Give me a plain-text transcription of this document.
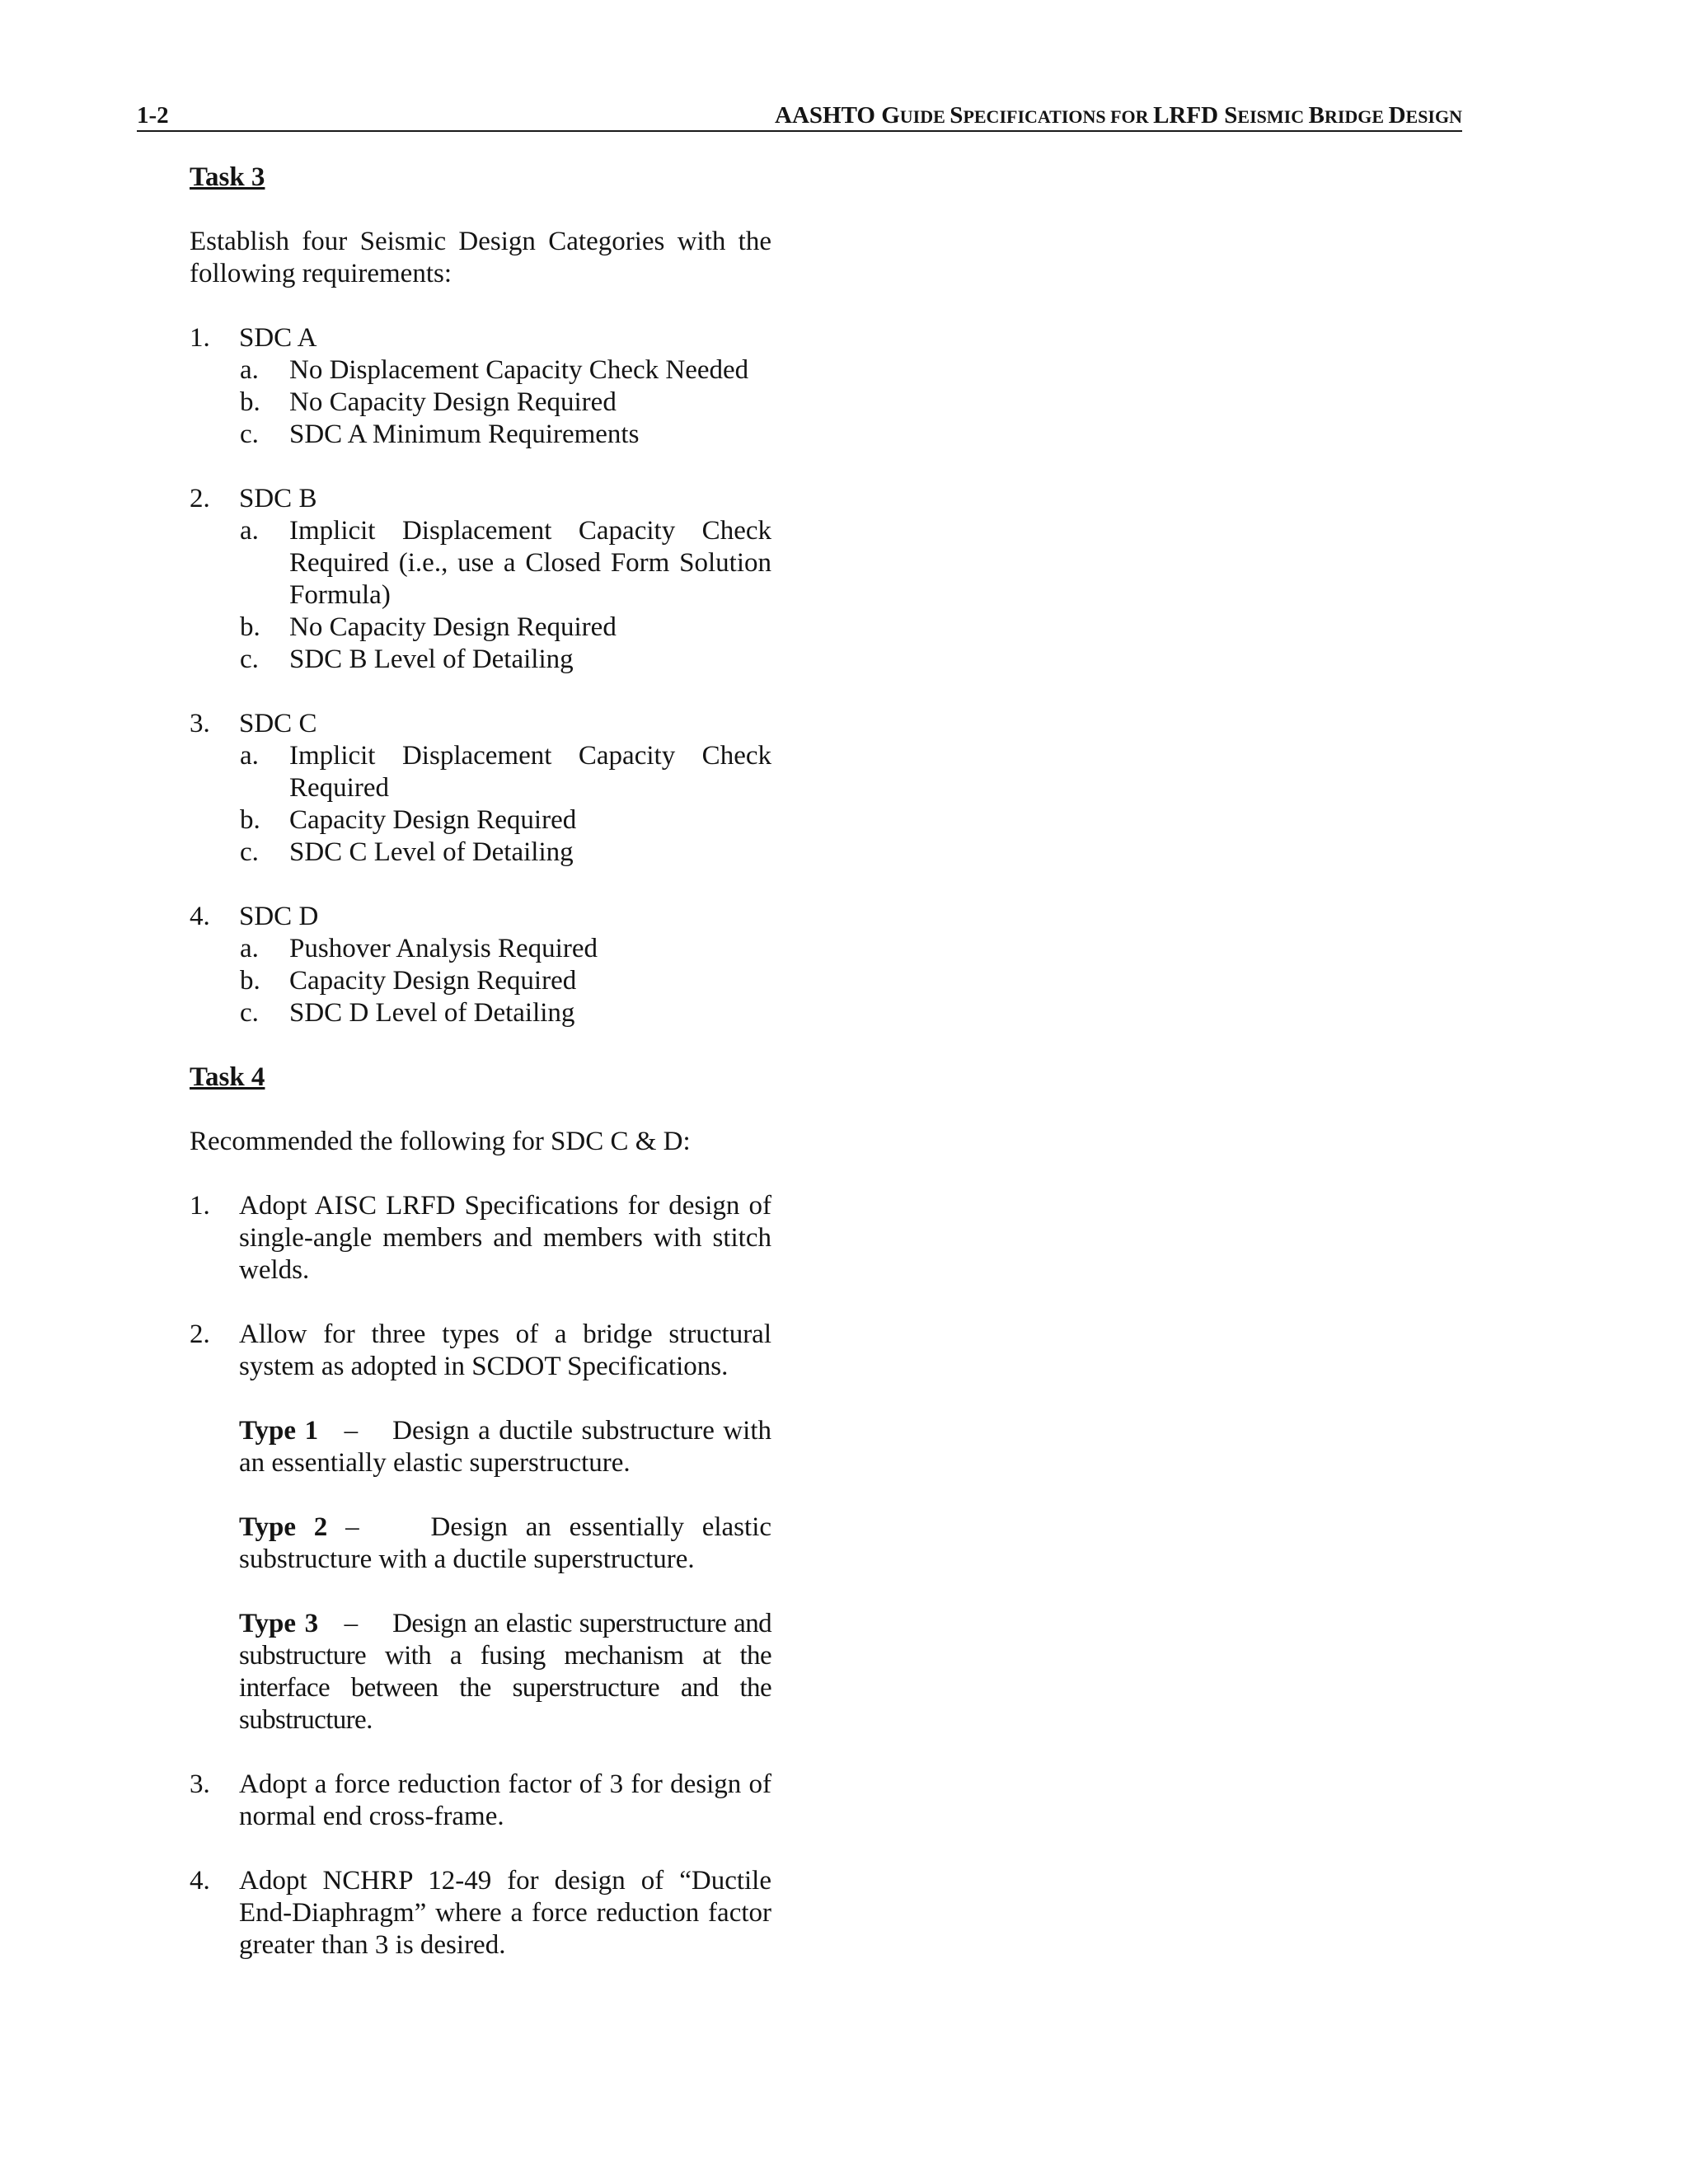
1-2	AASHTO GUIDE SPECIFICATIONS FOR LRFD SEISMIC BRIDGE DESIGN

Task 3

Establish four Seismic Design Categories with the following requirements:

1. SDC A
a. No Displacement Capacity Check Needed
b. No Capacity Design Required
c. SDC A Minimum Requirements
2. SDC B
a. Implicit Displacement Capacity Check Required (i.e., use a Closed Form Solution Formula)
b. No Capacity Design Required
c. SDC B Level of Detailing
3. SDC C
a. Implicit Displacement Capacity Check Required
b. Capacity Design Required
c. SDC C Level of Detailing
4. SDC D
a. Pushover Analysis Required
b. Capacity Design Required
c. SDC D Level of Detailing

Task 4

Recommended the following for SDC C & D:

1. Adopt AISC LRFD Specifications for design of single-angle members and members with stitch welds.
2. Allow for three types of a bridge structural system as adopted in SCDOT Specifications.

Type 1 – Design a ductile substructure with an essentially elastic superstructure.

Type 2 –	Design an essentially elastic substructure with a ductile superstructure.

Type 3 – Design an elastic superstructure and substructure with a fusing mechanism at the interface between the superstructure and the substructure.

3. Adopt a force reduction factor of 3 for design of normal end cross-frame.
4. Adopt NCHRP 12-49 for design of “Ductile End-Diaphragm” where a force reduction factor greater than 3 is desired.
